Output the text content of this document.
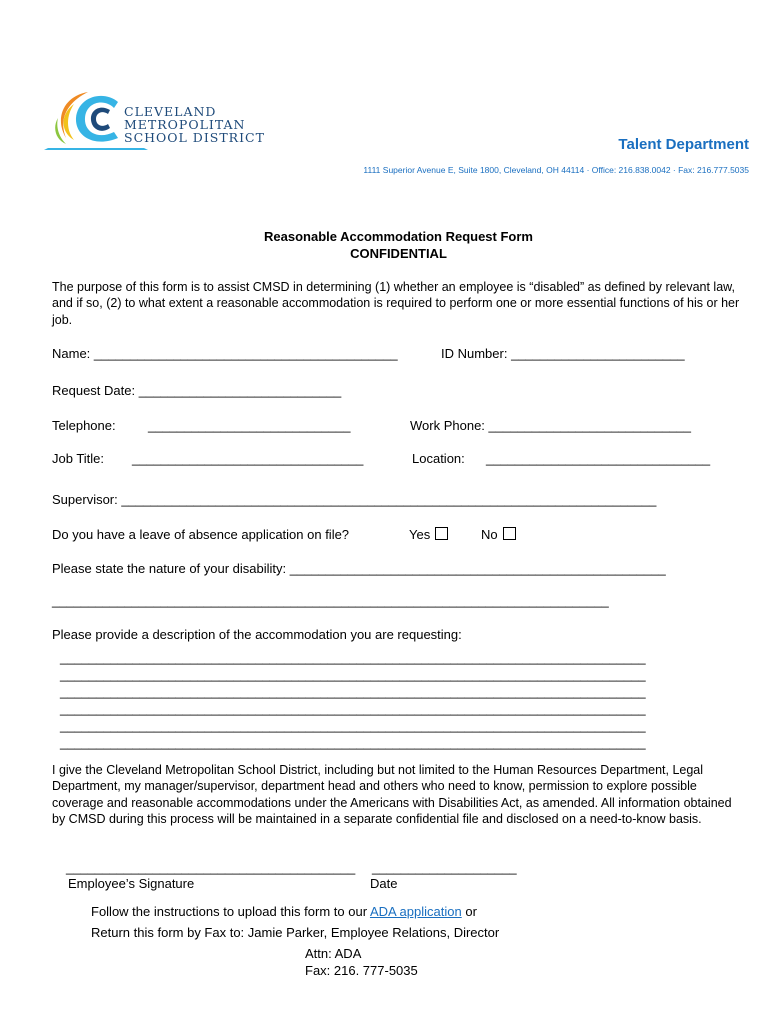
CLEVELAND
METROPOLITAN
SCHOOL DISTRICT	Talent Department
1111 Superior Avenue E, Suite 1800, Cleveland, OH 44114 · Office: 216.838.0042 · Fax: 216.777.5035
Reasonable Accommodation Request Form
CONFIDENTIAL
The purpose of this form is to assist CMSD in determining (1) whether an employee is “disabled” as defined by relevant law, and if so, (2) to what extent a reasonable accommodation is required to perform one or more essential functions of his or her job.
Name: __________________________________________	ID Number: ________________________
Request Date: ____________________________
Telephone: ____________________________	Work Phone: ____________________________
Job Title: ________________________________	Location: _______________________________
Supervisor: __________________________________________________________________________
Do you have a leave of absence application on file?	Yes	No
Please state the nature of your disability: ____________________________________________________
_____________________________________________________________________________
Please provide a description of the accommodation you are requesting:
_________________________________________________________________________________
_________________________________________________________________________________
_________________________________________________________________________________
_________________________________________________________________________________
_________________________________________________________________________________
_________________________________________________________________________________
I give the Cleveland Metropolitan School District, including but not limited to the Human Resources Department, Legal Department, my manager/supervisor, department head and others who need to know, permission to explore possible coverage and reasonable accommodations under the Americans with Disabilities Act, as amended. All information obtained by CMSD during this process will be maintained in a separate confidential file and disclosed on a need-to-know basis.
________________________________________ ____________________
Employee’s Signature	Date
Follow the instructions to upload this form to our ADA application or
Return this form by Fax to: Jamie Parker, Employee Relations, Director
Attn: ADA
Fax: 216. 777-5035
